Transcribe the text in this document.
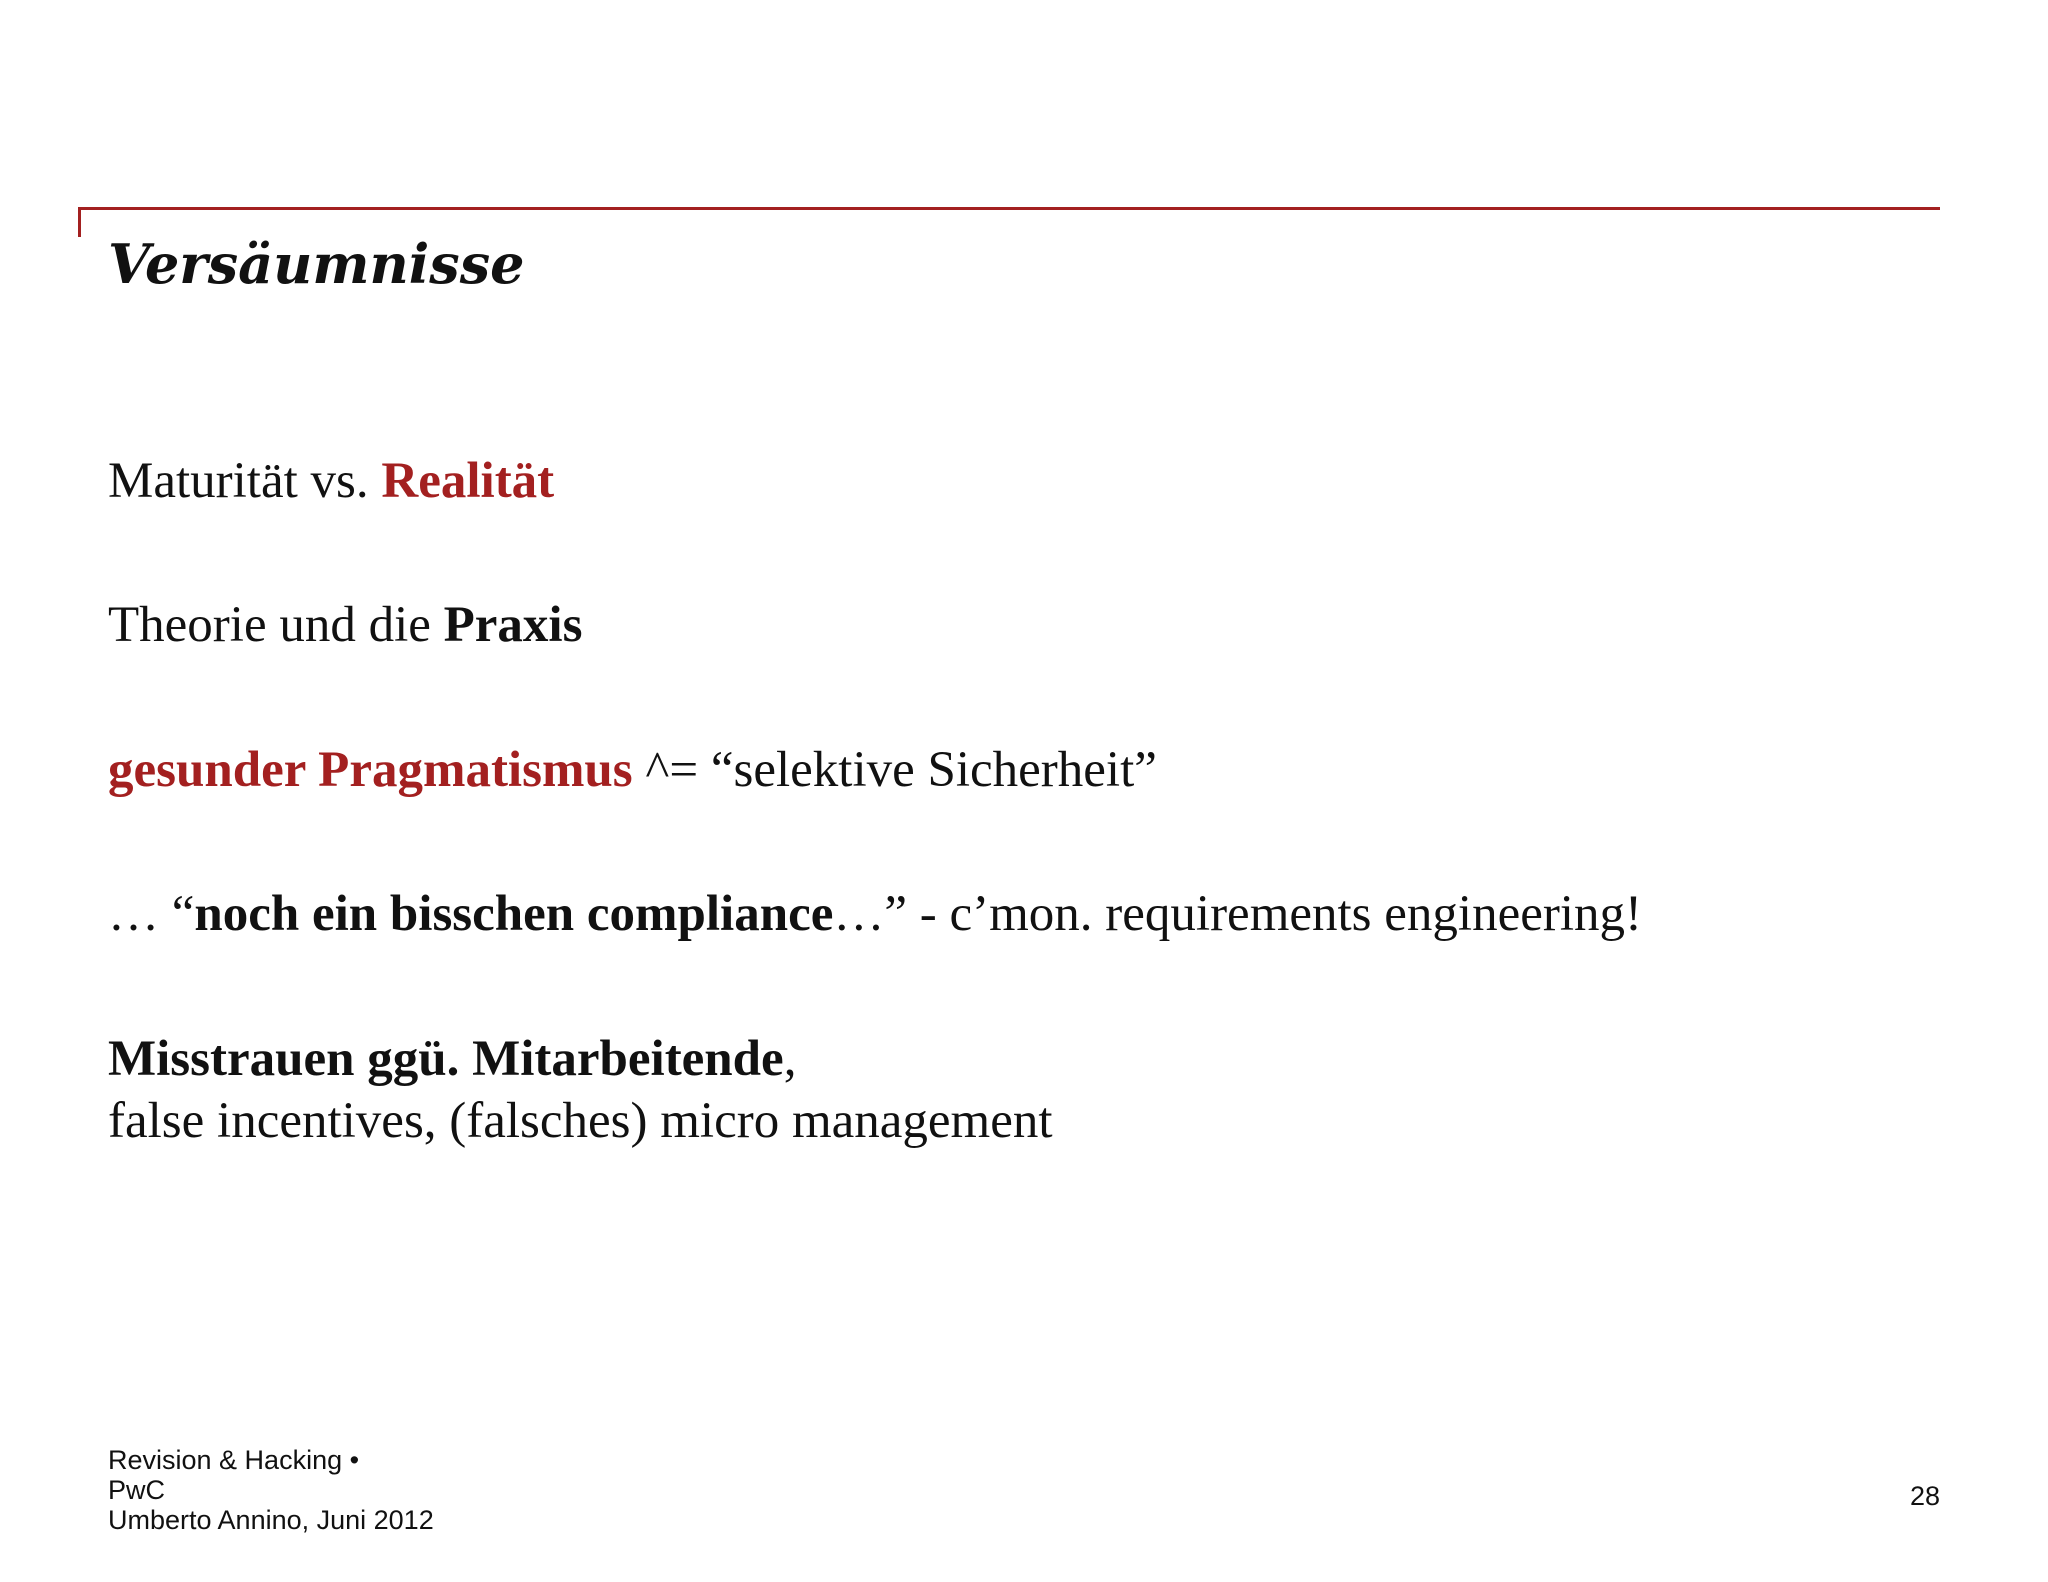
Versäumnisse

Maturität vs. Realität

Theorie und die Praxis

gesunder Pragmatismus ^= “selektive Sicherheit”

… “noch ein bisschen compliance…” - c’mon. requirements engineering!

Misstrauen ggü. Mitarbeitende,

false incentives, (falsches) micro management

Revision & Hacking •
PwC
Umberto Annino, Juni 2012
28
